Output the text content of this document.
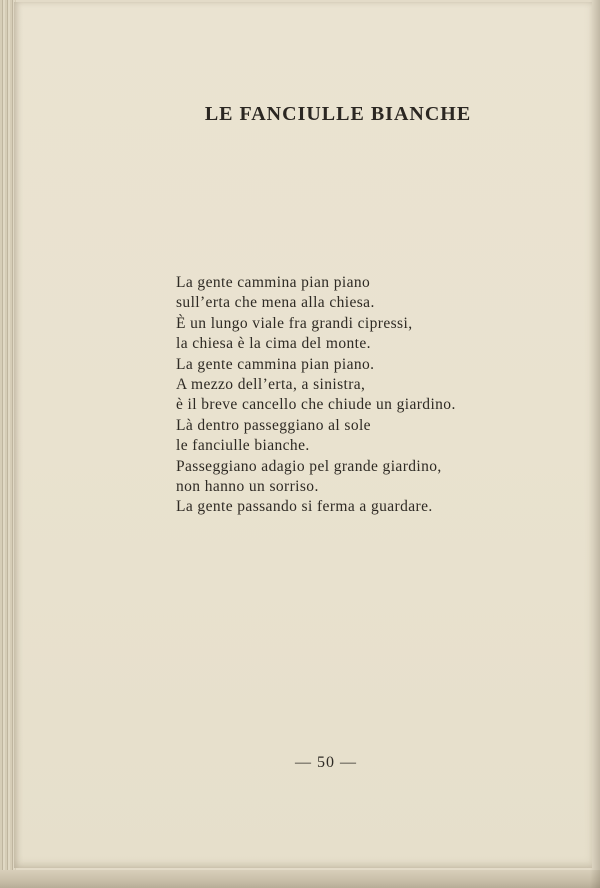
LE FANCIULLE BIANCHE
La gente cammina pian piano
sull’erta che mena alla chiesa.
È un lungo viale fra grandi cipressi,
la chiesa è la cima del monte.
La gente cammina pian piano.
A mezzo dell’erta, a sinistra,
è il breve cancello che chiude un giardino.
Là dentro passeggiano al sole
le fanciulle bianche.
Passeggiano adagio pel grande giardino,
non hanno un sorriso.
La gente passando si ferma a guardare.
— 50 —
